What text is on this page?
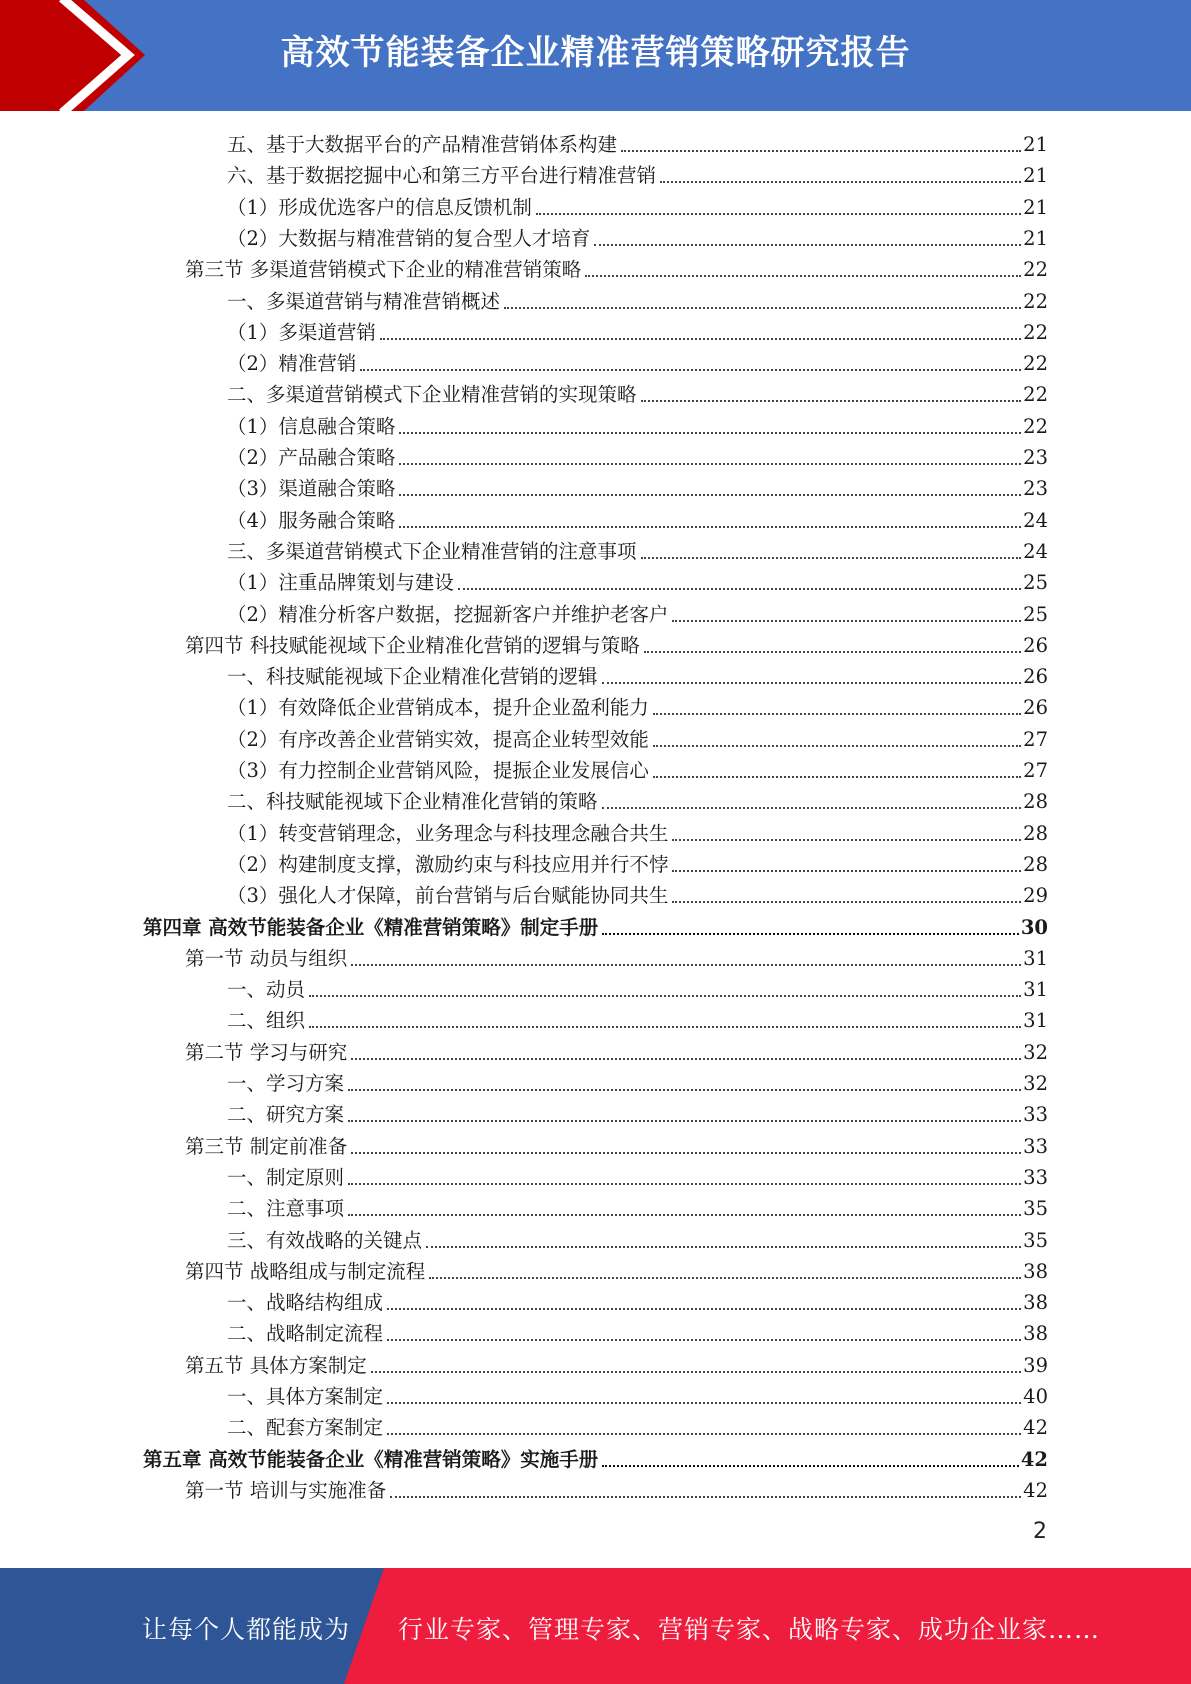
高效节能装备企业精准营销策略研究报告
五、基于大数据平台的产品精准营销体系构建	21
六、基于数据挖掘中心和第三方平台进行精准营销	21
（1）形成优选客户的信息反馈机制	21
（2）大数据与精准营销的复合型人才培育	21
第三节 多渠道营销模式下企业的精准营销策略	22
一、多渠道营销与精准营销概述	22
（1）多渠道营销	22
（2）精准营销	22
二、多渠道营销模式下企业精准营销的实现策略	22
（1）信息融合策略	22
（2）产品融合策略	23
（3）渠道融合策略	23
（4）服务融合策略	24
三、多渠道营销模式下企业精准营销的注意事项	24
（1）注重品牌策划与建设	25
（2）精准分析客户数据，挖掘新客户并维护老客户	25
第四节 科技赋能视域下企业精准化营销的逻辑与策略	26
一、科技赋能视域下企业精准化营销的逻辑	26
（1）有效降低企业营销成本，提升企业盈利能力	26
（2）有序改善企业营销实效，提高企业转型效能	27
（3）有力控制企业营销风险，提振企业发展信心	27
二、科技赋能视域下企业精准化营销的策略	28
（1）转变营销理念，业务理念与科技理念融合共生	28
（2）构建制度支撑，激励约束与科技应用并行不悖	28
（3）强化人才保障，前台营销与后台赋能协同共生	29
第四章 高效节能装备企业《精准营销策略》制定手册	30
第一节 动员与组织	31
一、动员	31
二、组织	31
第二节 学习与研究	32
一、学习方案	32
二、研究方案	33
第三节 制定前准备	33
一、制定原则	33
二、注意事项	35
三、有效战略的关键点	35
第四节 战略组成与制定流程	38
一、战略结构组成	38
二、战略制定流程	38
第五节 具体方案制定	39
一、具体方案制定	40
二、配套方案制定	42
第五章 高效节能装备企业《精准营销策略》实施手册	42
第一节 培训与实施准备	42
2
让每个人都能成为 行业专家、管理专家、营销专家、战略专家、成功企业家……
